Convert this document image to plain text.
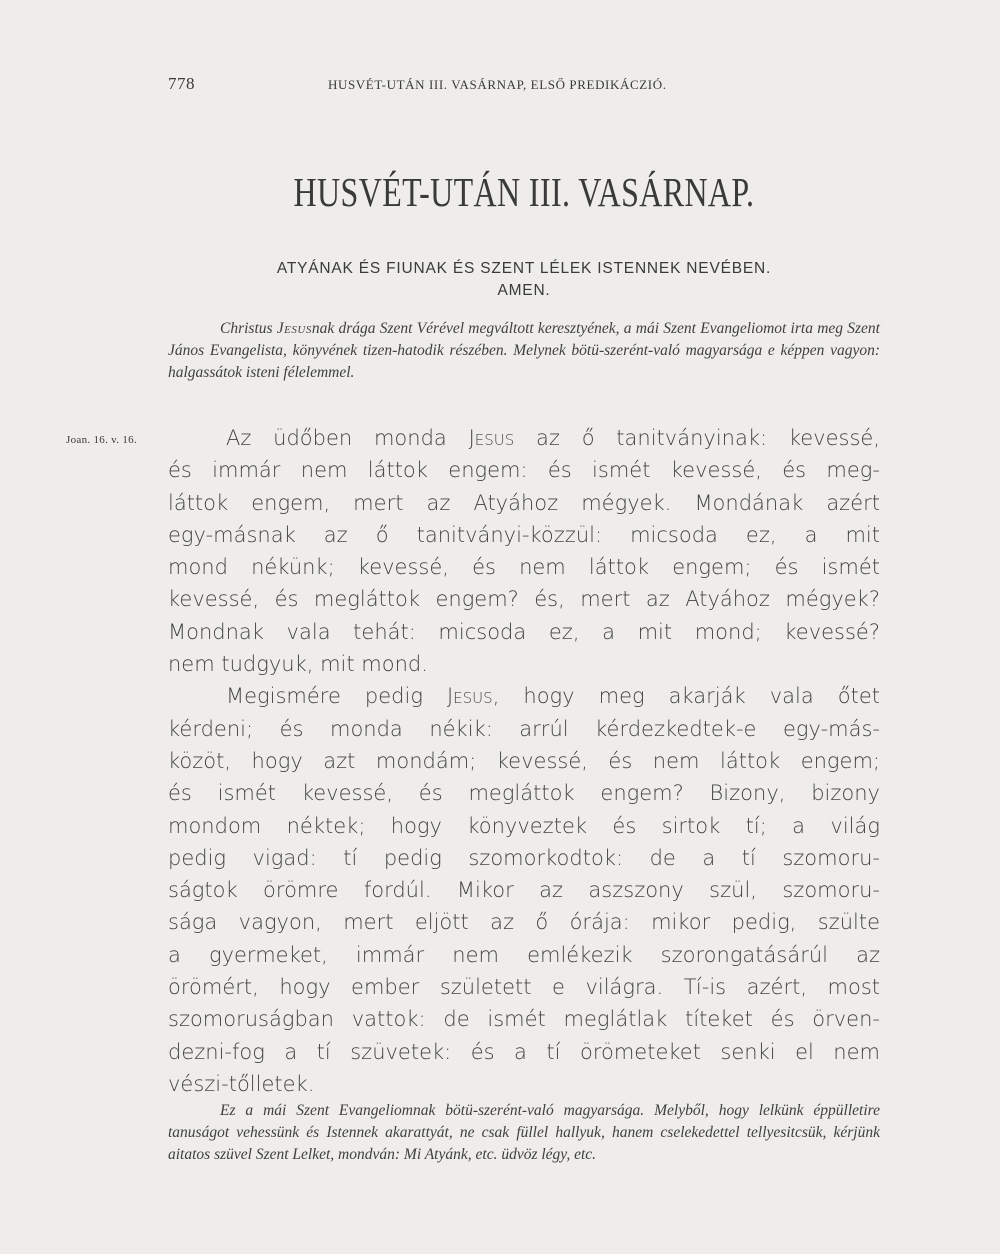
778	HUSVÉT-UTÁN III. VASÁRNAP, ELSŐ PREDIKÁCZIÓ.
HUSVÉT-UTÁN III. VASÁRNAP.
ATYÁNAK ÉS FIUNAK ÉS SZENT LÉLEK ISTENNEK NEVÉBEN.
AMEN.
Christus Jesusnak drága Szent Vérével megváltott keresztyének, a mái Szent Evangeliomot irta meg Szent János Evangelista, könyvének tizen-hatodik részében. Melynek bötü-szerént-való magyarsága e képpen vagyon: halgassátok isteni félelemmel.
Joan. 16. v. 16.	Az üdőben monda Jesus az ő tanitványinak: kevessé,
és immár nem láttok engem: és ismét kevessé, és meg-
láttok engem, mert az Atyához mégyek. Mondának azért
egy-másnak az ő tanitványi-közzül: micsoda ez, a mit
mond nékünk; kevessé, és nem láttok engem; és ismét
kevessé, és megláttok engem? és, mert az Atyához mégyek?
Mondnak vala tehát: micsoda ez, a mit mond; kevessé?
nem tudgyuk, mit mond.
Megismére pedig Jesus, hogy meg akarják vala őtet
kérdeni; és monda nékik: arrúl kérdezkedtek-e egy-más-
közöt, hogy azt mondám; kevessé, és nem láttok engem;
és ismét kevessé, és megláttok engem? Bizony, bizony
mondom néktek; hogy könyveztek és sirtok tí; a világ
pedig vigad: tí pedig szomorkodtok: de a tí szomoru-
ságtok örömre fordúl. Mikor az aszszony szül, szomoru-
sága vagyon, mert eljött az ő órája: mikor pedig, szülte
a gyermeket, immár nem emlékezik szorongatásárúl az
örömért, hogy ember született e világra. Tí-is azért, most
szomoruságban vattok: de ismét meglátlak títeket és örven-
dezni-fog a tí szüvetek: és a tí örömeteket senki el nem
vészi-tőlletek.
Ez a mái Szent Evangeliomnak bötü-szerént-való magyarsága. Melyből, hogy lelkünk éppülletire tanuságot vehessünk és Istennek akarattyát, ne csak füllel hallyuk, hanem cselekedettel tellyesitcsük, kérjünk aitatos szüvel Szent Lelket, mondván: Mi Atyánk, etc. üdvöz légy, etc.
